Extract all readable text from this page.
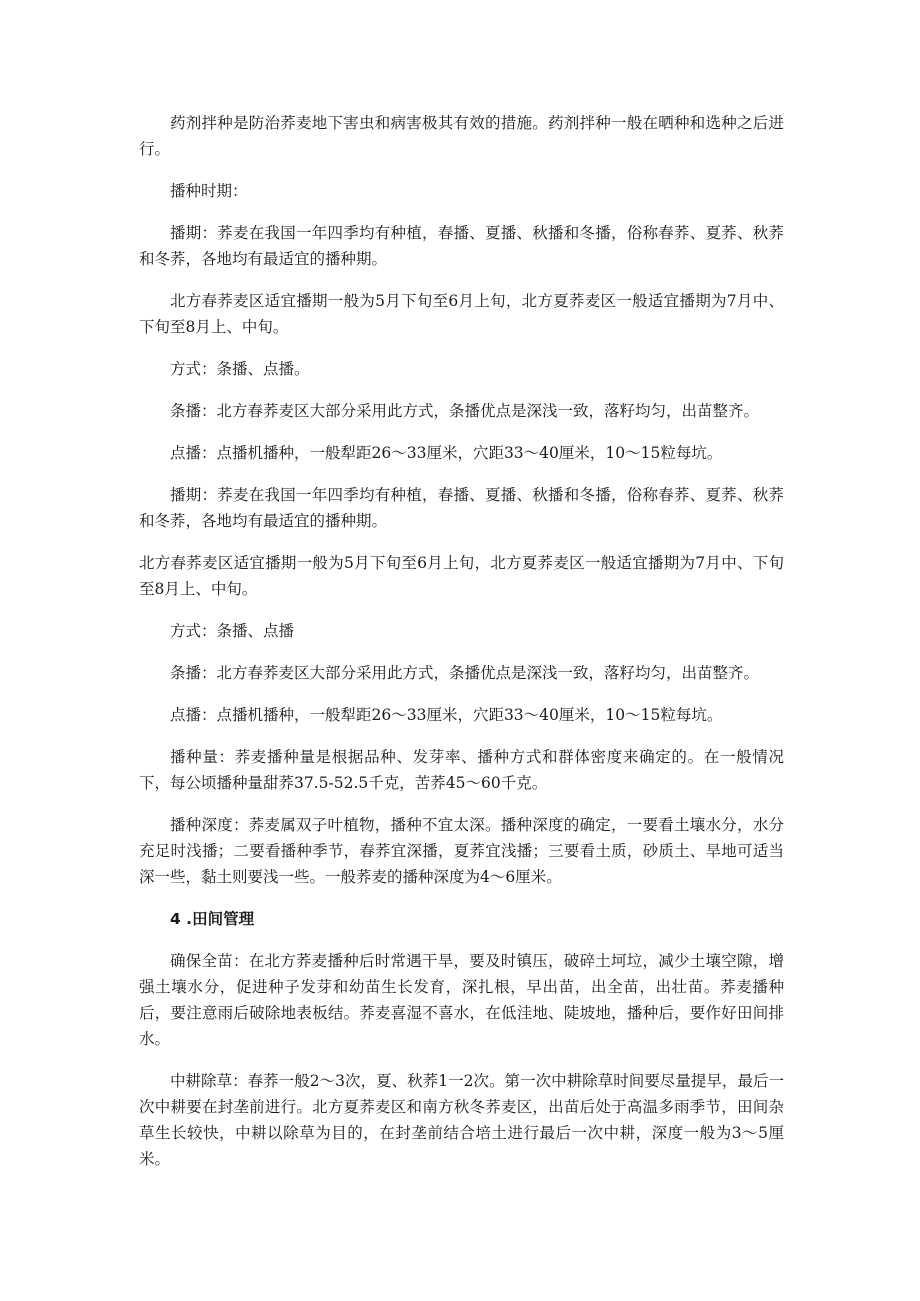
药剂拌种是防治荞麦地下害虫和病害极其有效的措施。药剂拌种一般在晒种和选种之后进行。

播种时期：

播期：荞麦在我国一年四季均有种植，春播、夏播、秋播和冬播，俗称春荞、夏荞、秋荞和冬荞，各地均有最适宜的播种期。

北方春荞麦区适宜播期一般为5月下旬至6月上旬，北方夏荞麦区一般适宜播期为7月中、下旬至8月上、中旬。

方式：条播、点播。

条播：北方春荞麦区大部分采用此方式，条播优点是深浅一致，落籽均匀，出苗整齐。

点播：点播机播种，一般犁距26～33厘米，穴距33～40厘米，10～15粒每坑。

播期：荞麦在我国一年四季均有种植，春播、夏播、秋播和冬播，俗称春荞、夏荞、秋荞和冬荞，各地均有最适宜的播种期。

北方春荞麦区适宜播期一般为5月下旬至6月上旬，北方夏荞麦区一般适宜播期为7月中、下旬至8月上、中旬。

方式：条播、点播

条播：北方春荞麦区大部分采用此方式，条播优点是深浅一致，落籽均匀，出苗整齐。

点播：点播机播种，一般犁距26～33厘米，穴距33～40厘米，10～15粒每坑。

播种量：荞麦播种量是根据品种、发芽率、播种方式和群体密度来确定的。在一般情况下，每公顷播种量甜荞37.5-52.5千克，苦荞45～60千克。

播种深度：荞麦属双子叶植物，播种不宜太深。播种深度的确定，一要看土壤水分，水分充足时浅播；二要看播种季节，春荞宜深播，夏荞宜浅播；三要看土质，砂质土、旱地可适当深一些，黏土则要浅一些。一般荞麦的播种深度为4～6厘米。

4 .田间管理

确保全苗：在北方荞麦播种后时常遇干旱，要及时镇压，破碎土坷垃，减少土壤空隙，增强土壤水分，促进种子发芽和幼苗生长发育，深扎根，早出苗，出全苗，出壮苗。荞麦播种后，要注意雨后破除地表板结。荞麦喜湿不喜水，在低洼地、陡坡地，播种后，要作好田间排水。

中耕除草：春荞一般2～3次，夏、秋荞1一2次。第一次中耕除草时间要尽量提早，最后一次中耕要在封垄前进行。北方夏荞麦区和南方秋冬荞麦区，出苗后处于高温多雨季节，田间杂草生长较快，中耕以除草为目的，在封垄前结合培土进行最后一次中耕，深度一般为3～5厘米。
